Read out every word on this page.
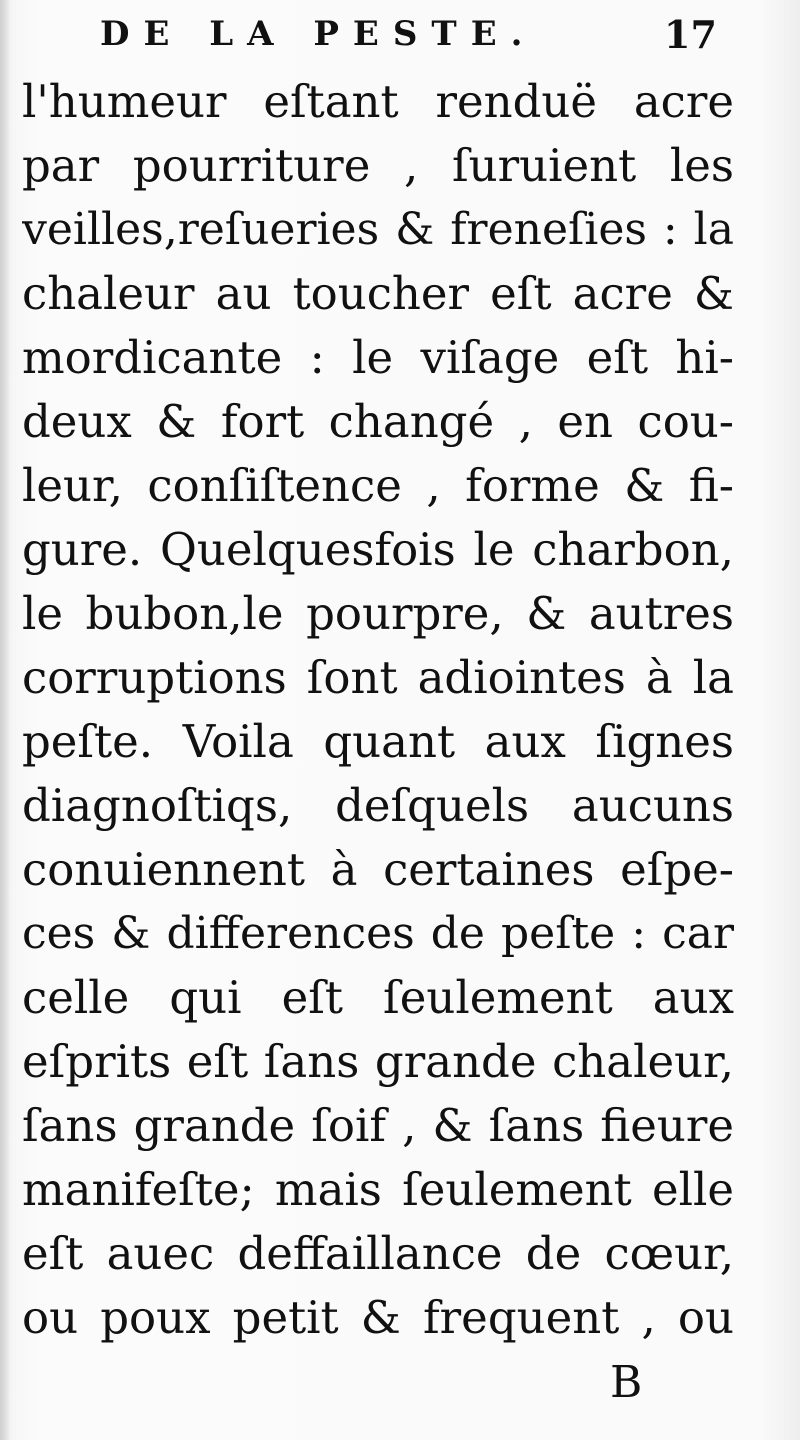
DE LA PESTE.	17
l'humeur eſtant renduë acre
par pourriture , ſuruient les
veilles,reſueries & freneſies : la
chaleur au toucher eſt acre &
mordicante : le viſage eſt hi-
deux & fort changé , en cou-
leur, conſiſtence , forme & fi-
gure. Quelquesfois le charbon,
le bubon,le pourpre, & autres
corruptions ſont adiointes à la
peſte. Voila quant aux ſignes
diagnoſtiqs, deſquels aucuns
conuiennent à certaines eſpe-
ces & differences de peſte : car
celle qui eſt ſeulement aux
eſprits eſt ſans grande chaleur,
ſans grande ſoif , & ſans fieure
manifeſte; mais ſeulement elle
eſt auec deffaillance de cœur,
ou poux petit & frequent , ou
B
